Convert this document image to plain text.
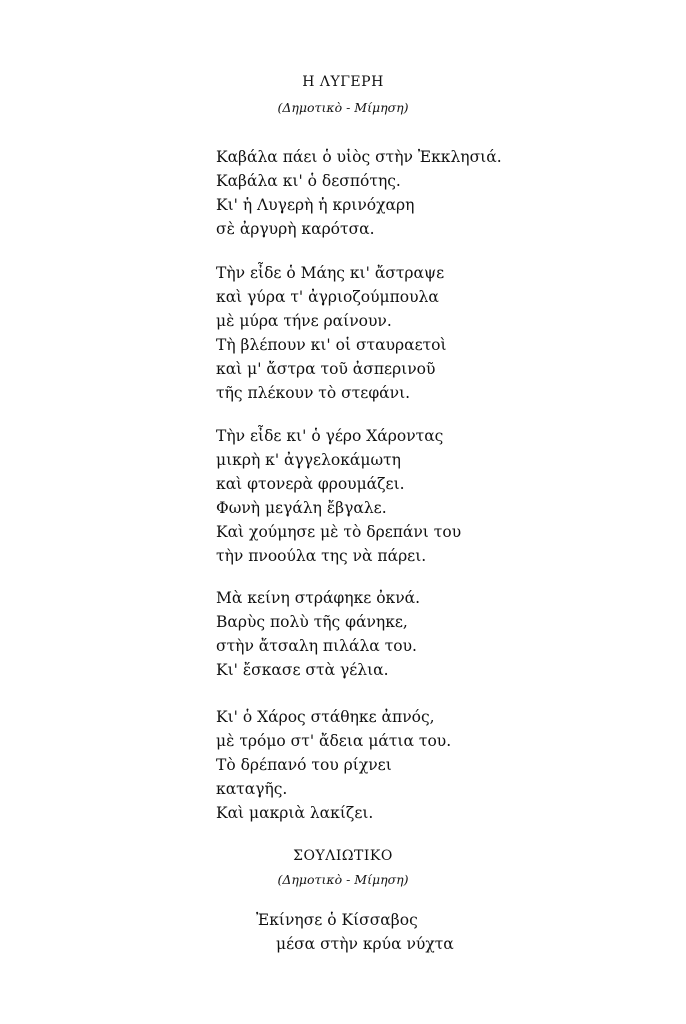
Η ΛΥΓΕΡΗ
(Δημοτικὸ - Μίμηση)
Καβάλα πάει ὁ υἱὸς στὴν Ἐκκλησιά.
Καβάλα κι' ὁ δεσπότης.
Κι' ἡ Λυγερὴ ἡ κρινόχαρη
σὲ ἀργυρὴ καρότσα.
Τὴν εἶδε ὁ Μάης κι' ἄστραψε
καὶ γύρα τ' ἀγριοζούμπουλα
μὲ μύρα τήνε ραίνουν.
Τὴ βλέπουν κι' οἱ σταυραετοὶ
καὶ μ' ἄστρα τοῦ ἀσπερινοῦ
τῆς πλέκουν τὸ στεφάνι.
Τὴν εἶδε κι' ὁ γέρο Χάροντας
μικρὴ κ' ἀγγελοκάμωτη
καὶ φτονερὰ φρουμάζει.
Φωνὴ μεγάλη ἔβγαλε.
Καὶ χούμησε μὲ τὸ δρεπάνι του
τὴν πνοούλα της νὰ πάρει.
Μὰ κείνη στράφηκε ὀκνά.
Βαρὺς πολὺ τῆς φάνηκε,
στὴν ἄτσαλη πιλάλα του.
Κι' ἔσκασε στὰ γέλια.
Κι' ὁ Χάρος στάθηκε ἀπνός,
μὲ τρόμο στ' ἄδεια μάτια του.
Τὸ δρέπανό του ρίχνει
καταγῆς.
Καὶ μακριὰ λακίζει.
ΣΟΥΛΙΩΤΙΚΟ
(Δημοτικὸ - Μίμηση)
Ἐκίνησε ὁ Κίσσαβος
μέσα στὴν κρύα νύχτα
